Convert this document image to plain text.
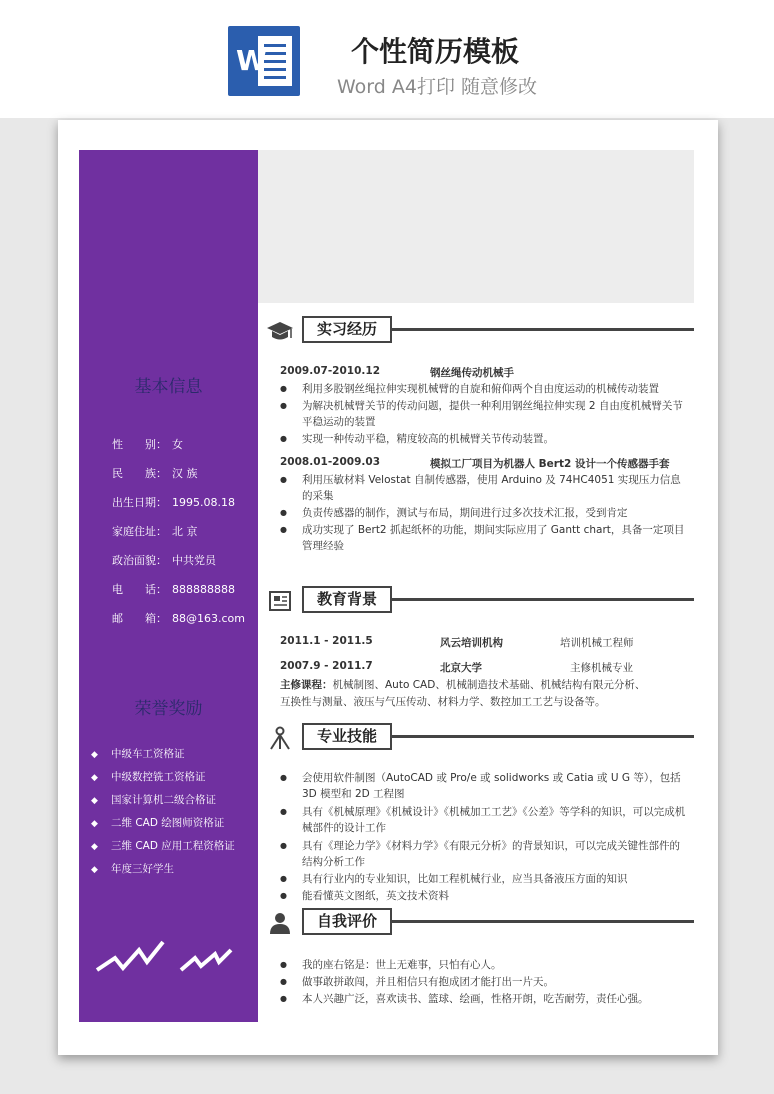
W	个性简历模板
Word A4打印 随意修改
基本信息
性　　别： 女
民　　族： 汉 族
出生日期： 1995.08.18
家庭住址： 北 京
政治面貌： 中共党员
电　　话： 888888888
邮　　箱： 88@163.com
荣誉奖励
◆ 中级车工资格证
◆ 中级数控铣工资格证
◆ 国家计算机二级合格证
◆ 二维 CAD 绘图师资格证
◆ 三维 CAD 应用工程资格证
◆ 年度三好学生
实习经历
2009.07-2010.12	钢丝绳传动机械手
● 利用多股钢丝绳拉伸实现机械臂的自旋和俯仰两个自由度运动的机械传动装置
● 为解决机械臂关节的传动问题，提供一种利用钢丝绳拉伸实现 2 自由度机械臂关节平稳运动的装置
● 实现一种传动平稳，精度较高的机械臂关节传动装置。
2008.01-2009.03	模拟工厂项目为机器人 Bert2 设计一个传感器手套
● 利用压敏材料 Velostat 自制传感器，使用 Arduino 及 74HC4051 实现压力信息的采集
● 负责传感器的制作，测试与布局，期间进行过多次技术汇报，受到肯定
● 成功实现了 Bert2 抓起纸杯的功能，期间实际应用了 Gantt chart，具备一定项目管理经验
教育背景
2011.1 - 2011.5	风云培训机构	培训机械工程师
2007.9 - 2011.7	北京大学	主修机械专业
主修课程：机械制图、Auto CAD、机械制造技术基础、机械结构有限元分析、
互换性与测量、液压与气压传动、材料力学、数控加工工艺与设备等。
专业技能
● 会使用软件制图（AutoCAD 或 Pro/e 或 solidworks 或 Catia 或 U G 等），包括 3D 模型和 2D 工程图
● 具有《机械原理》《机械设计》《机械加工工艺》《公差》等学科的知识，可以完成机械部件的设计工作
● 具有《理论力学》《材料力学》《有限元分析》的背景知识，可以完成关键性部件的结构分析工作
● 具有行业内的专业知识，比如工程机械行业，应当具备液压方面的知识
● 能看懂英文图纸，英文技术资料
自我评价
● 我的座右铭是：世上无难事，只怕有心人。
● 做事敢拼敢闯，并且相信只有抱成团才能打出一片天。
● 本人兴趣广泛，喜欢读书、篮球、绘画，性格开朗，吃苦耐劳，责任心强。
